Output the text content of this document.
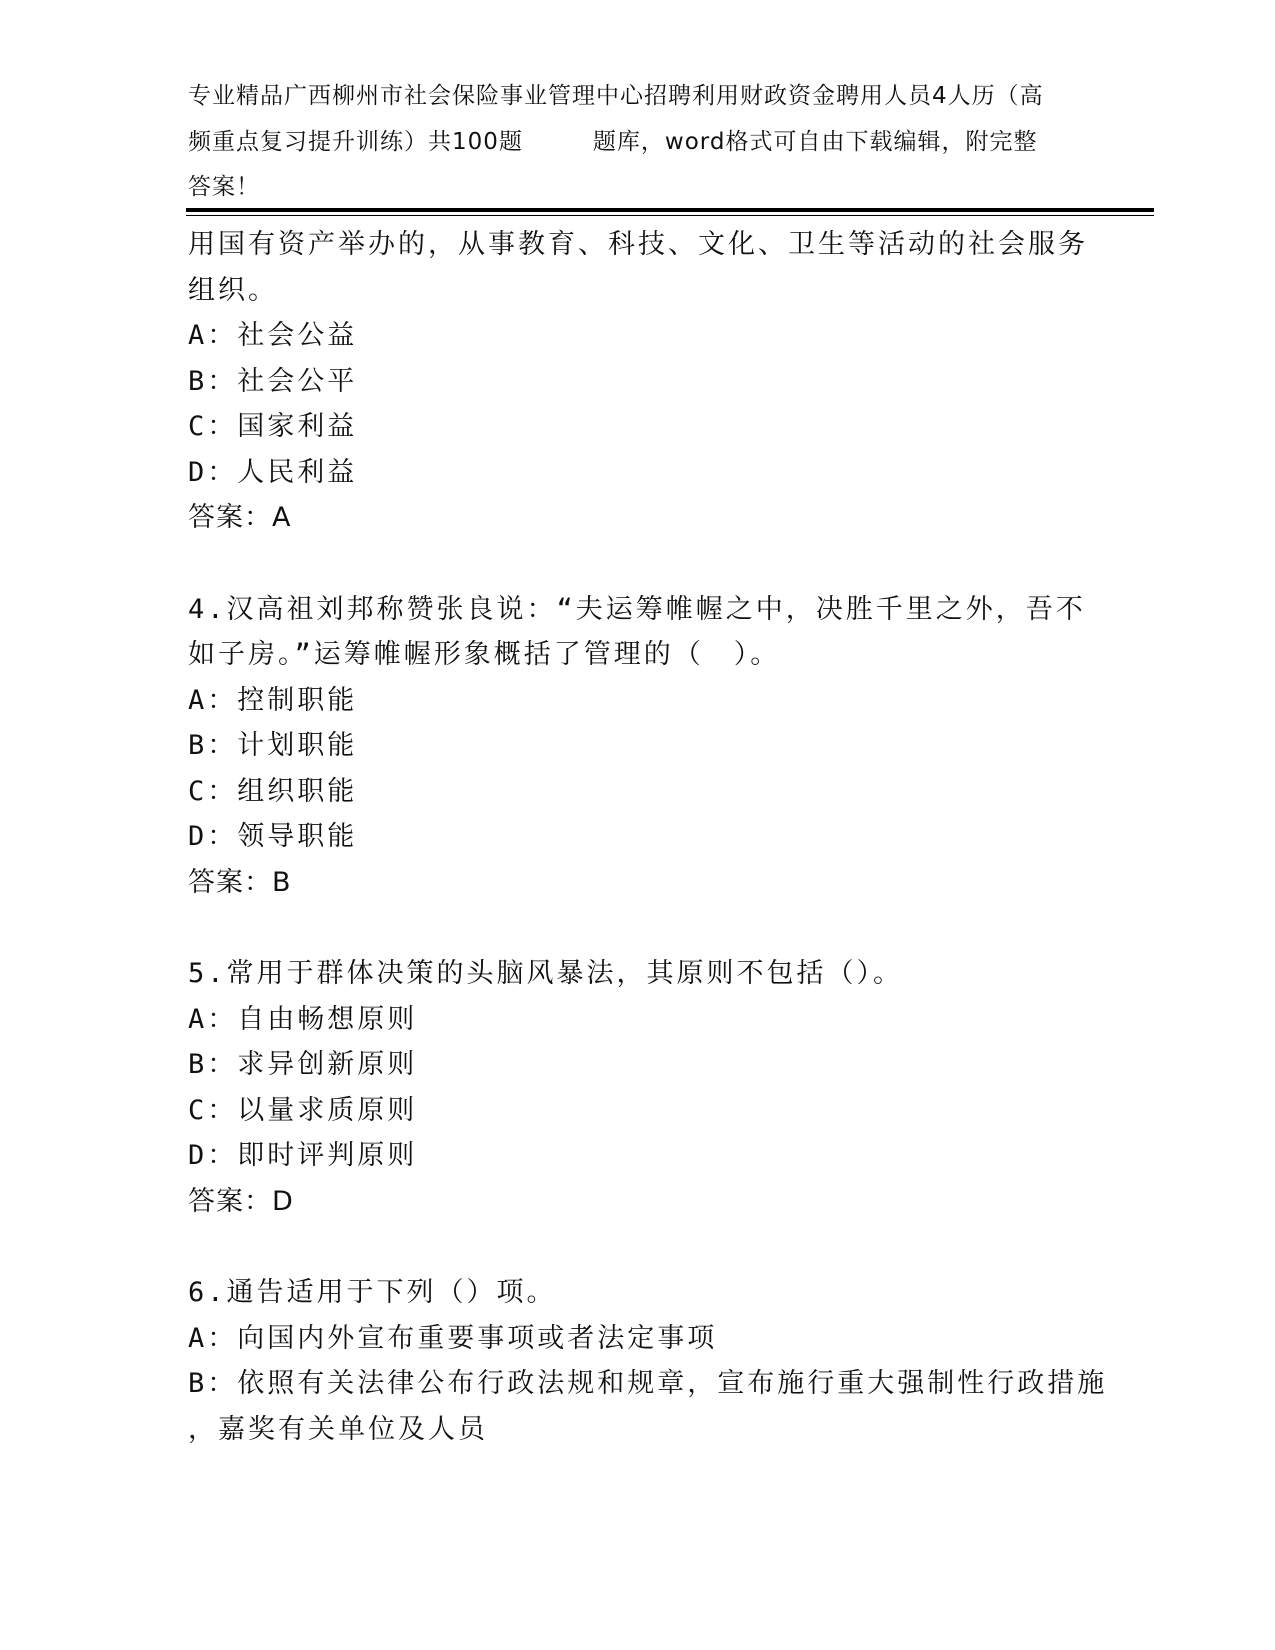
专业精品广西柳州市社会保险事业管理中心招聘利用财政资金聘用人员4人历（高
频重点复习提升训练）共100题	题库，word格式可自由下载编辑，附完整
答案！
用国有资产举办的，从事教育、科技、文化、卫生等活动的社会服务
组织。
A：社会公益
B：社会公平
C：国家利益
D：人民利益
答案：A
4.汉高祖刘邦称赞张良说：“夫运筹帷幄之中，决胜千里之外，吾不
如子房。”运筹帷幄形象概括了管理的（　）。
A：控制职能
B：计划职能
C：组织职能
D：领导职能
答案：B
5.常用于群体决策的头脑风暴法，其原则不包括（）。
A：自由畅想原则
B：求异创新原则
C：以量求质原则
D：即时评判原则
答案：D
6.通告适用于下列（）项。
A：向国内外宣布重要事项或者法定事项
B：依照有关法律公布行政法规和规章，宣布施行重大强制性行政措施
，嘉奖有关单位及人员
